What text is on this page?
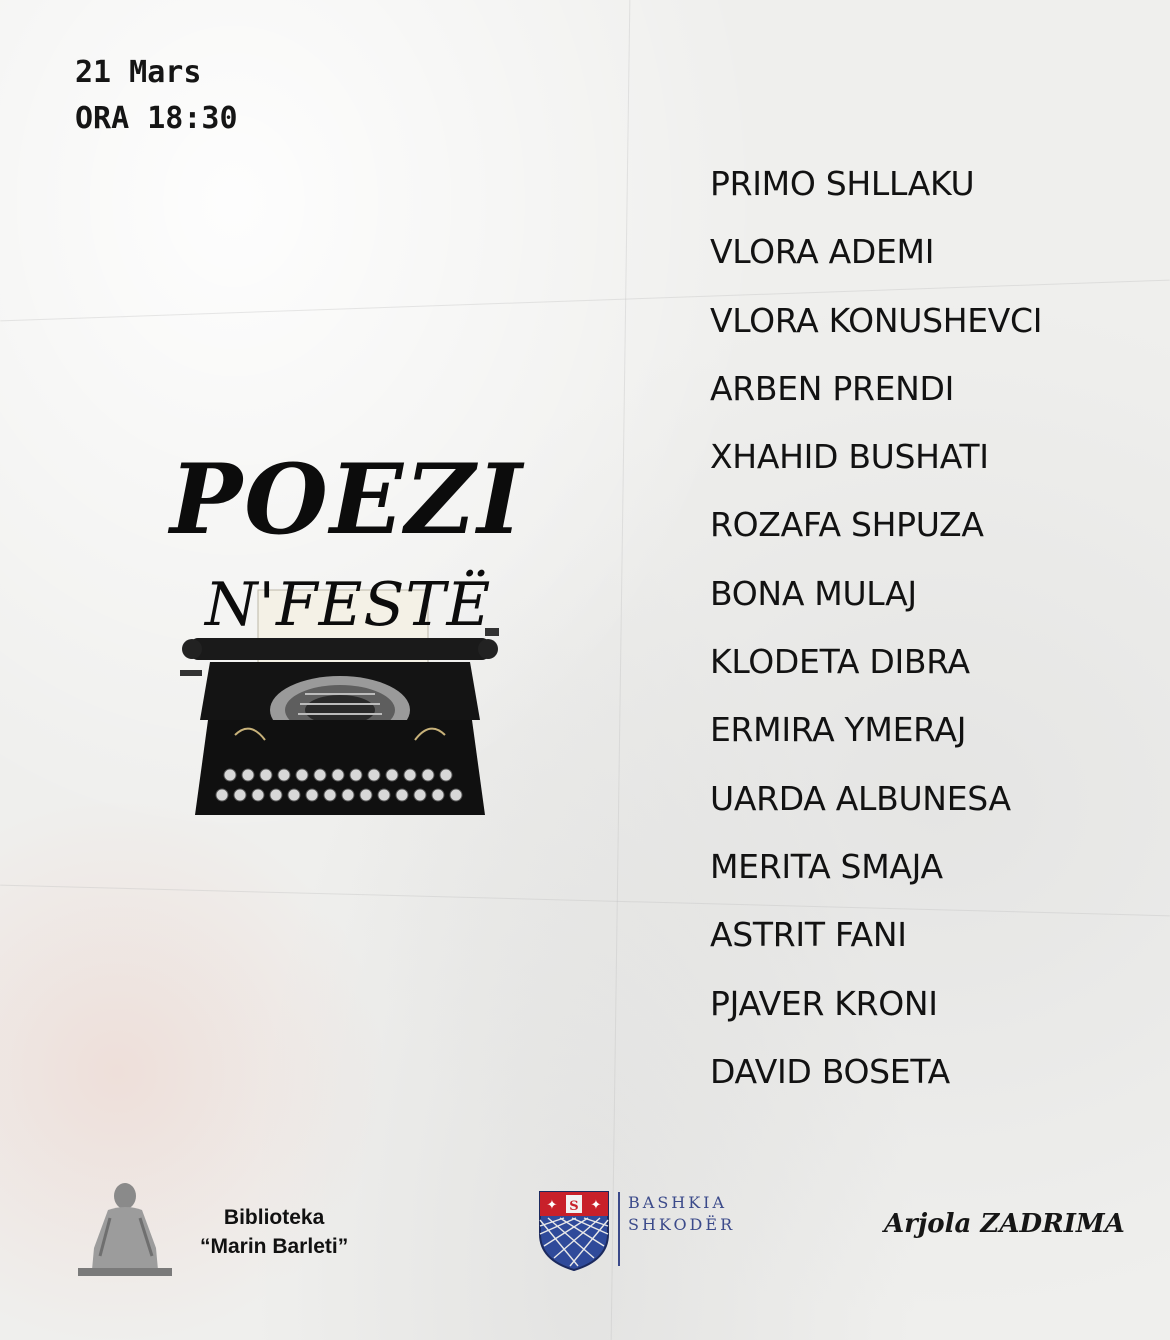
21 Mars
ORA 18:30
PRIMO SHLLAKU
VLORA ADEMI
VLORA KONUSHEVCI
ARBEN PRENDI
XHAHID BUSHATI
ROZAFA SHPUZA
BONA MULAJ
KLODETA DIBRA
ERMIRA YMERAJ
UARDA ALBUNESA
MERITA SMAJA
ASTRIT FANI
PJAVER KRONI
DAVID BOSETA
POEZI
N'FESTË
Biblioteka
“Marin Barleti”
S
✦	✦ BASHKIA
SHKODËR	Arjola ZADRIMA
